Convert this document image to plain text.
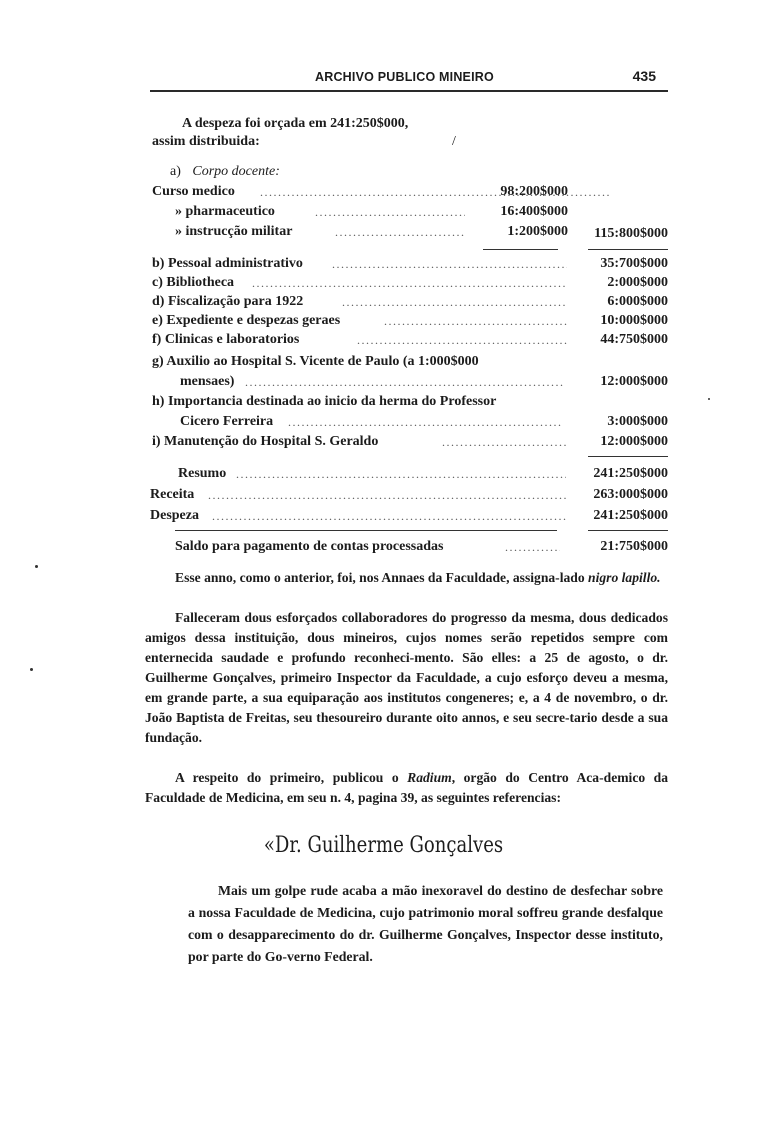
ARCHIVO PUBLICO MINEIRO	435
A despeza foi orçada em 241:250$000,
assim distribuida:	/
a) Corpo docente:
Curso medico .....	98:200$000
» pharmaceutico .....	16:400$000
» instrucção militar .....	1:200$000	115:800$000
b) Pessoal administrativo .....	35:700$000
c) Bibliotheca .....	2:000$000
d) Fiscalização para 1922 .....	6:000$000
e) Expediente e despezas geraes .....	10:000$000
f) Clinicas e laboratorios .....	44:750$000
g) Auxilio ao Hospital S. Vicente de Paulo (a 1:000$000
mensaes) .....	12:000$000
h) Importancia destinada ao inicio da herma do Professor
Cicero Ferreira .....	3:000$000
i) Manutenção do Hospital S. Geraldo .....	12:000$000
Resumo .....	241:250$000
Receita .....	263:000$000
Despeza .....	241:250$000
Saldo para pagamento de contas processadas .....	21:750$000
Esse anno, como o anterior, foi, nos Annaes da Faculdade, assigna-lado nigro lapillo.
Falleceram dous esforçados collaboradores do progresso da mesma, dous dedicados amigos dessa instituição, dous mineiros, cujos nomes serão repetidos sempre com enternecida saudade e profundo reconheci-mento. São elles: a 25 de agosto, o dr. Guilherme Gonçalves, primeiro Inspector da Faculdade, a cujo esforço deveu a mesma, em grande parte, a sua equiparação aos institutos congeneres; e, a 4 de novembro, o dr. João Baptista de Freitas, seu thesoureiro durante oito annos, e seu secre-tario desde a sua fundação.
A respeito do primeiro, publicou o Radium, orgão do Centro Aca-demico da Faculdade de Medicina, em seu n. 4, pagina 39, as seguintes referencias:
«Dr. Guilherme Gonçalves
Mais um golpe rude acaba a mão inexoravel do destino de desfechar sobre a nossa Faculdade de Medicina, cujo patrimonio moral soffreu grande desfalque com o desapparecimento do dr. Guilherme Gonçalves, Inspector desse instituto, por parte do Go-verno Federal.
